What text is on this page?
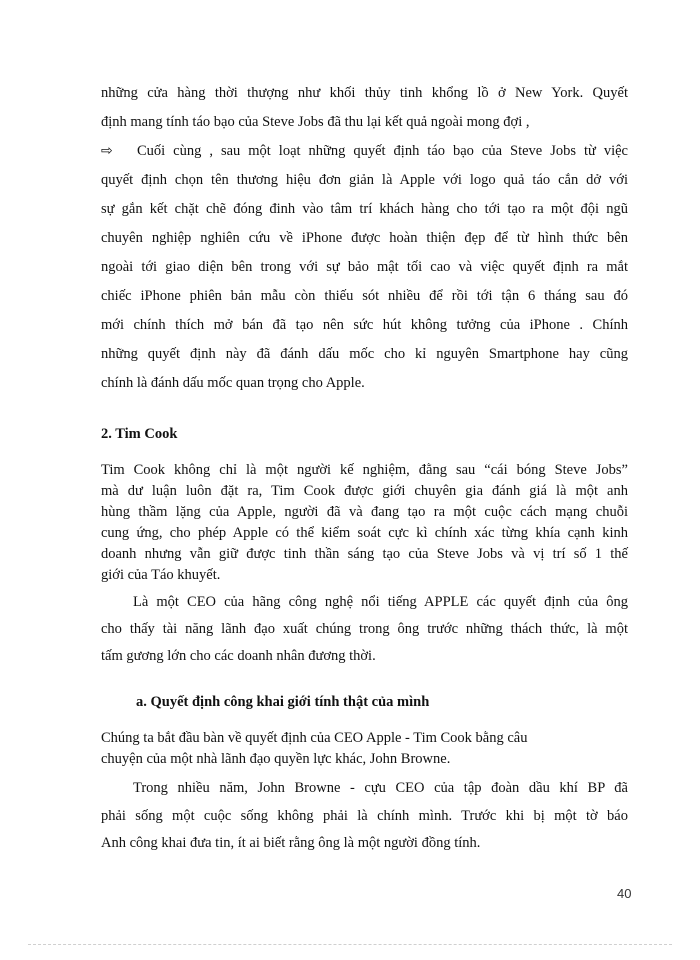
những cửa hàng thời thượng như khối thủy tinh khổng lồ ở New York. Quyết

định mang tính táo bạo của Steve Jobs đã thu lại kết quả ngoài mong đợi ,

⇨ Cuối cùng , sau một loạt những quyết định táo bạo của Steve Jobs từ việc

quyết định chọn tên thương hiệu đơn giản là Apple với logo quả táo cắn dở với

sự gắn kết chặt chẽ đóng đinh vào tâm trí khách hàng cho tới tạo ra một đội ngũ

chuyên nghiệp nghiên cứu về iPhone được hoàn thiện đẹp để từ hình thức bên

ngoài tới giao diện bên trong với sự bảo mật tối cao và việc quyết định ra mắt

chiếc iPhone phiên bản mẫu còn thiếu sót nhiều để rồi tới tận 6 tháng sau đó

mới chính thích mở bán đã tạo nên sức hút không tưởng của iPhone . Chính

những quyết định này đã đánh dấu mốc cho kỉ nguyên Smartphone hay cũng

chính là đánh dấu mốc quan trọng cho Apple.

2. Tim Cook

Tim Cook không chỉ là một người kế nghiệm, đằng sau “cái bóng Steve Jobs”

mà dư luận luôn đặt ra, Tim Cook được giới chuyên gia đánh giá là một anh

hùng thầm lặng của Apple, người đã và đang tạo ra một cuộc cách mạng chuỗi

cung ứng, cho phép Apple có thể kiểm soát cực kì chính xác từng khía cạnh kinh

doanh nhưng vẫn giữ được tinh thần sáng tạo của Steve Jobs và vị trí số 1 thế

giới của Táo khuyết.

Là một CEO của hãng công nghệ nổi tiếng APPLE các quyết định của ông

cho thấy tài năng lãnh đạo xuất chúng trong ông trước những thách thức, là một

tấm gương lớn cho các doanh nhân đương thời.

a. Quyết định công khai giới tính thật của mình

Chúng ta bắt đầu bàn về quyết định của CEO Apple - Tim Cook bằng câu

chuyện của một nhà lãnh đạo quyền lực khác, John Browne.

Trong nhiều năm, John Browne - cựu CEO của tập đoàn dầu khí BP đã

phải sống một cuộc sống không phải là chính mình. Trước khi bị một tờ báo

Anh công khai đưa tin, ít ai biết rằng ông là một người đồng tính.

40
